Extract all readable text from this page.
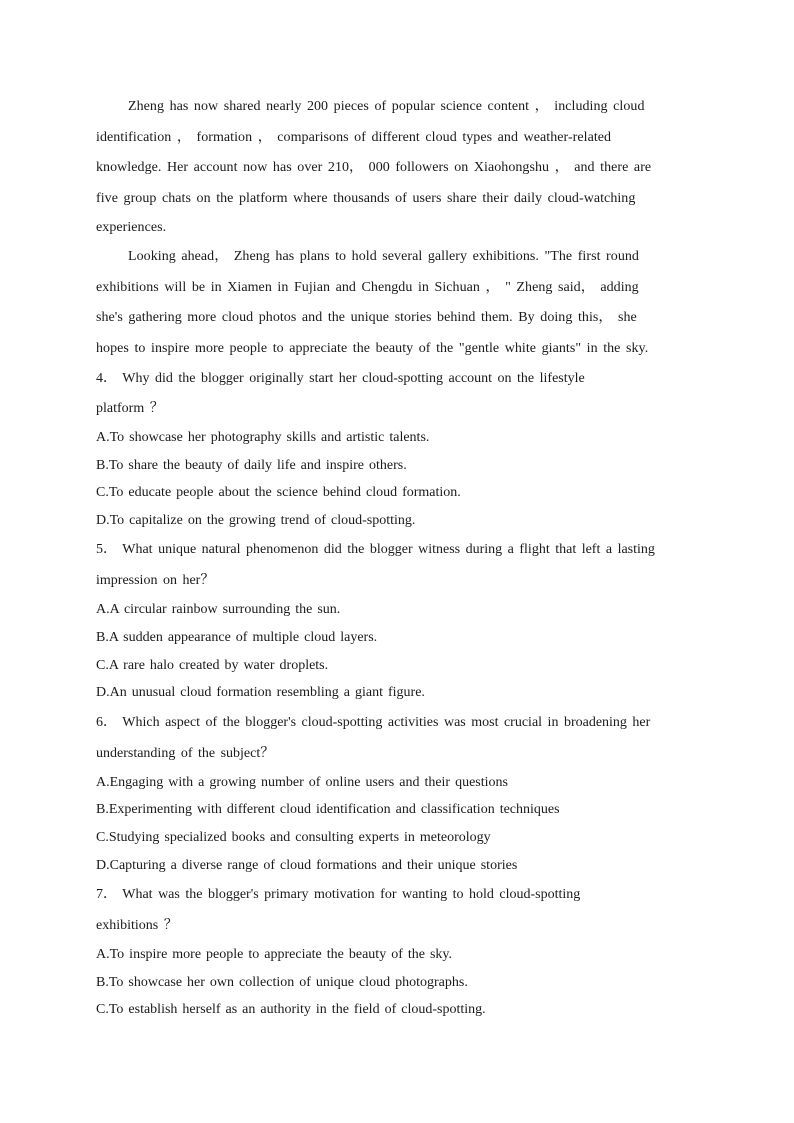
Zheng has now shared nearly 200 pieces of popular science content ， including cloud
identification ， formation ， comparisons of different cloud types and weather-related
knowledge. Her account now has over 210， 000 followers on Xiaohongshu ， and there are
five group chats on the platform where thousands of users share their daily cloud-watching
experiences.
Looking ahead， Zheng has plans to hold several gallery exhibitions. "The first round
exhibitions will be in Xiamen in Fujian and Chengdu in Sichuan ， " Zheng said， adding
she's gathering more cloud photos and the unique stories behind them. By doing this， she
hopes to inspire more people to appreciate the beauty of the "gentle white giants" in the sky.
4． Why did the blogger originally start her cloud-spotting account on the lifestyle
platform ？
A.To showcase her photography skills and artistic talents.
B.To share the beauty of daily life and inspire others.
C.To educate people about the science behind cloud formation.
D.To capitalize on the growing trend of cloud-spotting.
5． What unique natural phenomenon did the blogger witness during a flight that left a lasting
impression on her？
A.A circular rainbow surrounding the sun.
B.A sudden appearance of multiple cloud layers.
C.A rare halo created by water droplets.
D.An unusual cloud formation resembling a giant figure.
6． Which aspect of the blogger's cloud-spotting activities was most crucial in broadening her
understanding of the subject？
A.Engaging with a growing number of online users and their questions
B.Experimenting with different cloud identification and classification techniques
C.Studying specialized books and consulting experts in meteorology
D.Capturing a diverse range of cloud formations and their unique stories
7． What was the blogger's primary motivation for wanting to hold cloud-spotting
exhibitions ？
A.To inspire more people to appreciate the beauty of the sky.
B.To showcase her own collection of unique cloud photographs.
C.To establish herself as an authority in the field of cloud-spotting.
